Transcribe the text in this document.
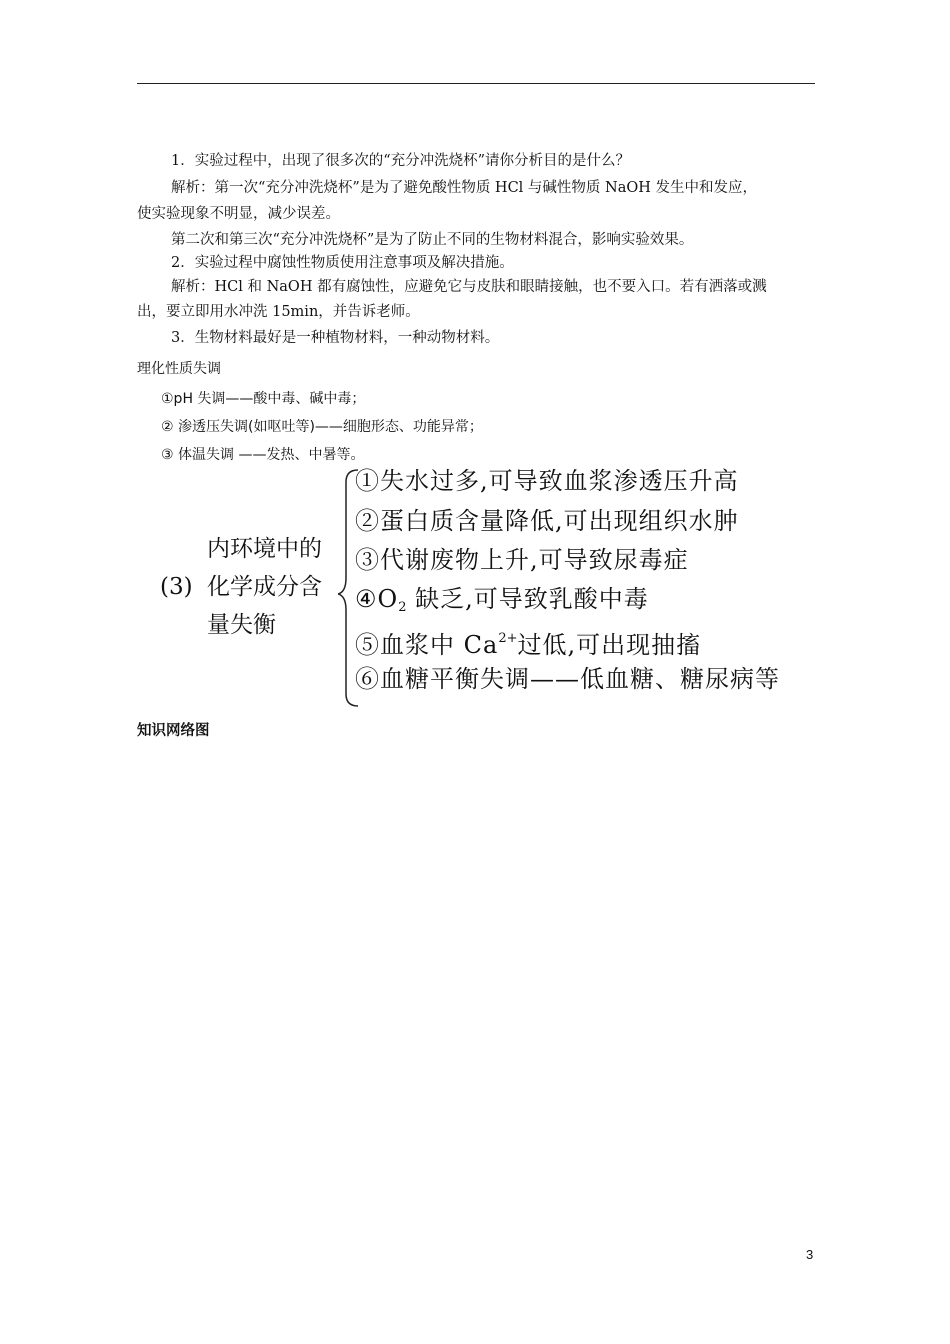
1．实验过程中，出现了很多次的“充分冲洗烧杯”请你分析目的是什么？
解析：第一次“充分冲洗烧杯”是为了避免酸性物质 HCl 与碱性物质 NaOH 发生中和发应，
使实验现象不明显，减少误差。
第二次和第三次“充分冲洗烧杯”是为了防止不同的生物材料混合，影响实验效果。
2．实验过程中腐蚀性物质使用注意事项及解决措施。
解析：HCl 和 NaOH 都有腐蚀性，应避免它与皮肤和眼睛接触，也不要入口。若有洒落或溅
出，要立即用水冲洗 15min，并告诉老师。
3．生物材料最好是一种植物材料，一种动物材料。
理化性质失调
①pH 失调——酸中毒、碱中毒；
② 渗透压失调(如呕吐等)——细胞形态、功能异常；
③ 体温失调 ——发热、中暑等。
内环境中的
(3) 化学成分含
量失衡
①失水过多,可导致血浆渗透压升高
②蛋白质含量降低,可出现组织水肿
③代谢废物上升,可导致尿毒症
$④O_2$ 缺乏,可导致乳酸中毒
⑤血浆中 $Ca^{2+}$过低,可出现抽搐
⑥血糖平衡失调——低血糖、糖尿病等
知识网络图
3
